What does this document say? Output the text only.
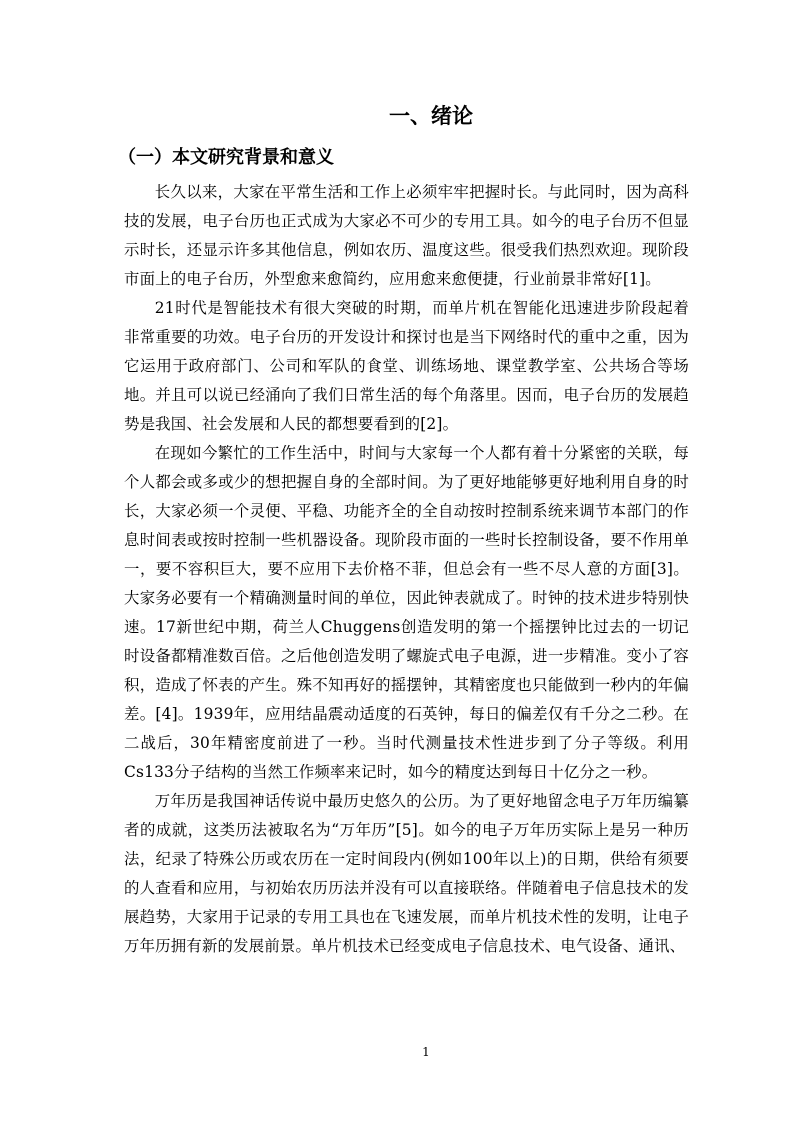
一、绪论
（一）本文研究背景和意义

长久以来，大家在平常生活和工作上必须牢牢把握时长。与此同时，因为高科技的发展，电子台历也正式成为大家必不可少的专用工具。如今的电子台历不但显示时长，还显示许多其他信息，例如农历、温度这些。很受我们热烈欢迎。现阶段市面上的电子台历，外型愈来愈简约，应用愈来愈便捷，行业前景非常好[1]。

21时代是智能技术有很大突破的时期，而单片机在智能化迅速进步阶段起着非常重要的功效。电子台历的开发设计和探讨也是当下网络时代的重中之重，因为它运用于政府部门、公司和军队的食堂、训练场地、课堂教学室、公共场合等场地。并且可以说已经涌向了我们日常生活的每个角落里。因而，电子台历的发展趋势是我国、社会发展和人民的都想要看到的[2]。

在现如今繁忙的工作生活中，时间与大家每一个人都有着十分紧密的关联，每个人都会或多或少的想把握自身的全部时间。为了更好地能够更好地利用自身的时长，大家必须一个灵便、平稳、功能齐全的全自动按时控制系统来调节本部门的作息时间表或按时控制一些机器设备。现阶段市面的一些时长控制设备，要不作用单一，要不容积巨大，要不应用下去价格不菲，但总会有一些不尽人意的方面[3]。大家务必要有一个精确测量时间的单位，因此钟表就成了。时钟的技术进步特别快速。17新世纪中期，荷兰人Chuggens创造发明的第一个摇摆钟比过去的一切记时设备都精准数百倍。之后他创造发明了螺旋式电子电源，进一步精准。变小了容积，造成了怀表的产生。殊不知再好的摇摆钟，其精密度也只能做到一秒内的年偏差。[4]。1939年，应用结晶震动适度的石英钟，每日的偏差仅有千分之二秒。在二战后，30年精密度前进了一秒。当时代测量技术性进步到了分子等级。利用Cs133分子结构的当然工作频率来记时，如今的精度达到每日十亿分之一秒。

万年历是我国神话传说中最历史悠久的公历。为了更好地留念电子万年历编纂者的成就，这类历法被取名为“万年历”[5]。如今的电子万年历实际上是另一种历法，纪录了特殊公历或农历在一定时间段内(例如100年以上)的日期，供给有须要的人查看和应用，与初始农历历法并没有可以直接联络。伴随着电子信息技术的发展趋势，大家用于记录的专用工具也在飞速发展，而单片机技术性的发明，让电子万年历拥有新的发展前景。单片机技术已经变成电子信息技术、电气设备、通讯、

1
